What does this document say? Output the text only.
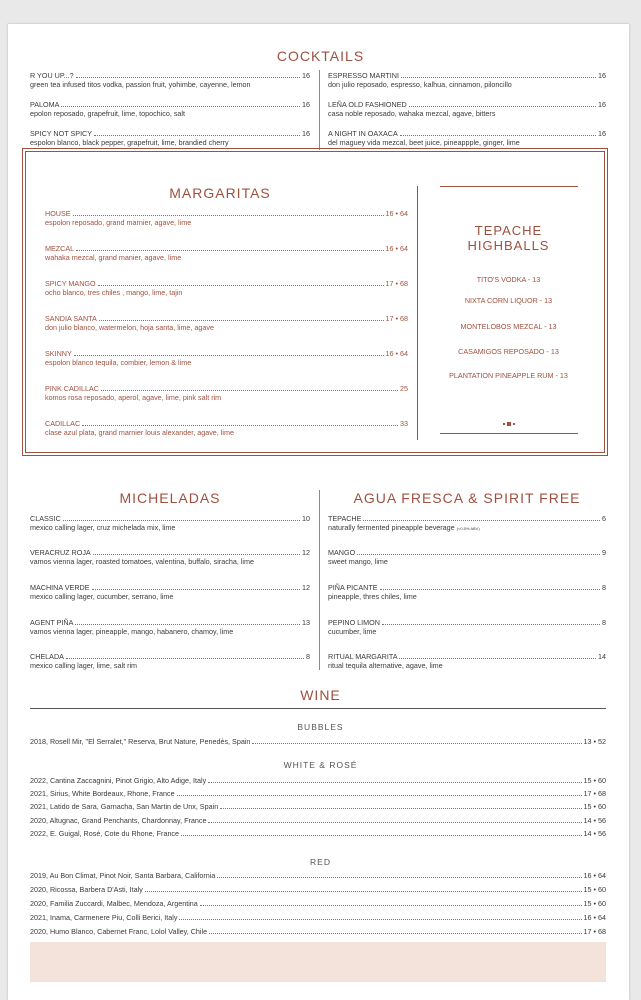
COCKTAILS
R YOU UP...?	16
green tea infused titos vodka, passion fruit, yohimbe, cayenne, lemon
PALOMA	16
epolon reposado, grapefruit, lime, topochico, salt
SPICY NOT SPICY	16
espolon blanco, black pepper, grapefruit, lime, brandied cherry
ESPRESSO MARTINI	16
don julio reposado, espresso, kalhua, cinnamon, piloncillo
LEÑA OLD FASHIONED	16
casa noble reposado, wahaka mezcal, agave, bitters
A NIGHT IN OAXACA	16
del maguey vida mezcal, beet juice, pineappple, ginger, lime
MARGARITAS
HOUSE	16 • 64
espolon reposado, grand marnier, agave, lime
MEZCAL	16 • 64
wahaka mezcal, grand manier, agave, lime
SPICY MANGO	17 • 68
ocho blanco, tres chiles , mango, lime, tajin
SANDIA SANTA	17 • 68
don julio blanco, watermelon, hoja santa, lime, agave
SKINNY	16 • 64
espolon blanco tequila, combier, lemon & lime
PINK CADILLAC	25
komos rosa reposado, aperol, agave, lime, pink salt rim
CADILLAC	33
clase azul plata, grand marnier louis alexander, agave, lime
TEPACHE
HIGHBALLS
TITO'S VODKA - 13
NIXTA CORN LIQUOR - 13
MONTELOBOS MEZCAL - 13
CASAMIGOS REPOSADO - 13
PLANTATION PINEAPPLE RUM - 13
MICHELADAS
CLASSIC	10
mexico calling lager, cruz michelada mix, lime
VERACRUZ ROJA	12
vamos vienna lager, roasted tomatoes, valentina, buffalo, siracha, lime
MACHINA VERDE	12
mexico calling lager, cucumber, serrano, lime
AGENT PIÑA	13
vamos vienna lager, pineapple, mango, habanero, chamoy, lime
CHELADA	8
mexico calling lager, lime, salt rim
AGUA FRESCA & SPIRIT FREE
TEPACHE	6
naturally fermented pineapple beverage (<0.5% ABV)
MANGO	9
sweet mango, lime
PIÑA PICANTE	8
pineapple, thres chiles, lime
PEPINO LIMON	8
cucumber, lime
RITUAL MARGARITA	14
ritual tequila alternative, agave, lime
WINE
BUBBLES
2018, Rosell Mir, "El Serralet," Reserva, Brut Nature, Penedès, Spain	13 • 52
WHITE & ROSÉ
2022, Cantina Zaccagnini, Pinot Grigio, Alto Adige, Italy	15 • 60
2021, Sirius, White Bordeaux, Rhone, France	17 • 68
2021, Latido de Sara, Garnacha, San Martin de Unx, Spain	15 • 60
2020, Altugnac, Grand Penchants, Chardonnay, France	14 • 56
2022, E. Guigal, Rosé, Cote du Rhone, France	14 • 56
RED
2019, Au Bon Climat, Pinot Noir, Santa Barbara, California	16 • 64
2020, Ricossa, Barbera D'Asti, Italy	15 • 60
2020, Familia Zuccardi, Malbec, Mendoza, Argentina	15 • 60
2021, Inama, Carmenere Piu, Colli Berici, Italy	16 • 64
2020, Humo Blanco, Cabernet Franc, Lolol Valley, Chile	17 • 68
